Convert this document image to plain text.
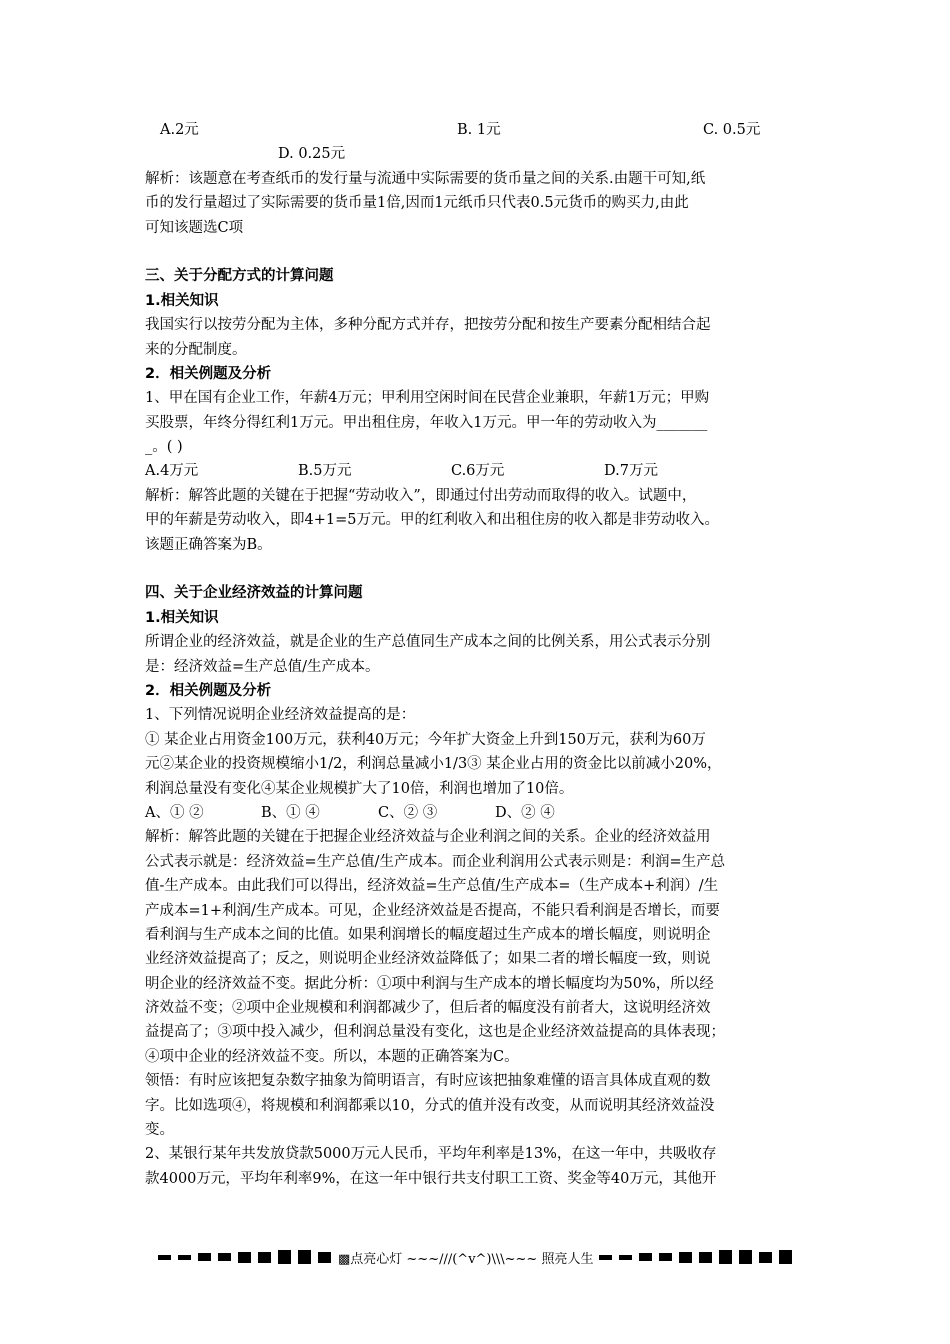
A.2元	B. 1元	C. 0.5元
D. 0.25元
解析：该题意在考查纸币的发行量与流通中实际需要的货币量之间的关系.由题干可知,纸
币的发行量超过了实际需要的货币量1倍,因而1元纸币只代表0.5元货币的购买力,由此
可知该题选C项
三、关于分配方式的计算问题
1.相关知识
我国实行以按劳分配为主体，多种分配方式并存，把按劳分配和按生产要素分配相结合起
来的分配制度。
2．相关例题及分析
1、甲在国有企业工作，年薪4万元；甲利用空闲时间在民营企业兼职，年薪1万元；甲购
买股票，年终分得红利1万元。甲出租住房，年收入1万元。甲一年的劳动收入为_______
_。( )
A.4万元	B.5万元	C.6万元	D.7万元
解析：解答此题的关键在于把握“劳动收入”，即通过付出劳动而取得的收入。试题中，
甲的年薪是劳动收入，即4+1=5万元。甲的红利收入和出租住房的收入都是非劳动收入。
该题正确答案为B。
四、关于企业经济效益的计算问题
1.相关知识
所谓企业的经济效益，就是企业的生产总值同生产成本之间的比例关系，用公式表示分别
是：经济效益=生产总值/生产成本。
2．相关例题及分析
1、下列情况说明企业经济效益提高的是：
① 某企业占用资金100万元，获利40万元；今年扩大资金上升到150万元，获利为60万
元②某企业的投资规模缩小1/2，利润总量减小1/3③ 某企业占用的资金比以前减小20%，
利润总量没有变化④某企业规模扩大了10倍，利润也增加了10倍。
A、① ②	B、① ④	C、② ③	D、② ④
解析：解答此题的关键在于把握企业经济效益与企业利润之间的关系。企业的经济效益用
公式表示就是：经济效益=生产总值/生产成本。而企业利润用公式表示则是：利润=生产总
值-生产成本。由此我们可以得出，经济效益=生产总值/生产成本=（生产成本+利润）/生
产成本=1+利润/生产成本。可见，企业经济效益是否提高，不能只看利润是否增长，而要
看利润与生产成本之间的比值。如果利润增长的幅度超过生产成本的增长幅度，则说明企
业经济效益提高了；反之，则说明企业经济效益降低了；如果二者的增长幅度一致，则说
明企业的经济效益不变。据此分析：①项中利润与生产成本的增长幅度均为50%，所以经
济效益不变；②项中企业规模和利润都减少了，但后者的幅度没有前者大，这说明经济效
益提高了；③项中投入减少，但利润总量没有变化，这也是企业经济效益提高的具体表现；
④项中企业的经济效益不变。所以，本题的正确答案为C。
领悟：有时应该把复杂数字抽象为简明语言，有时应该把抽象难懂的语言具体成直观的数
字。比如选项④，将规模和利润都乘以10，分式的值并没有改变，从而说明其经济效益没
变。
2、某银行某年共发放贷款5000万元人民币，平均年利率是13%，在这一年中，共吸收存
款4000万元，平均年利率9%，在这一年中银行共支付职工工资、奖金等40万元，其他开
▩点亮心灯 ~~~///(^v^)\\\~~~ 照亮人生
